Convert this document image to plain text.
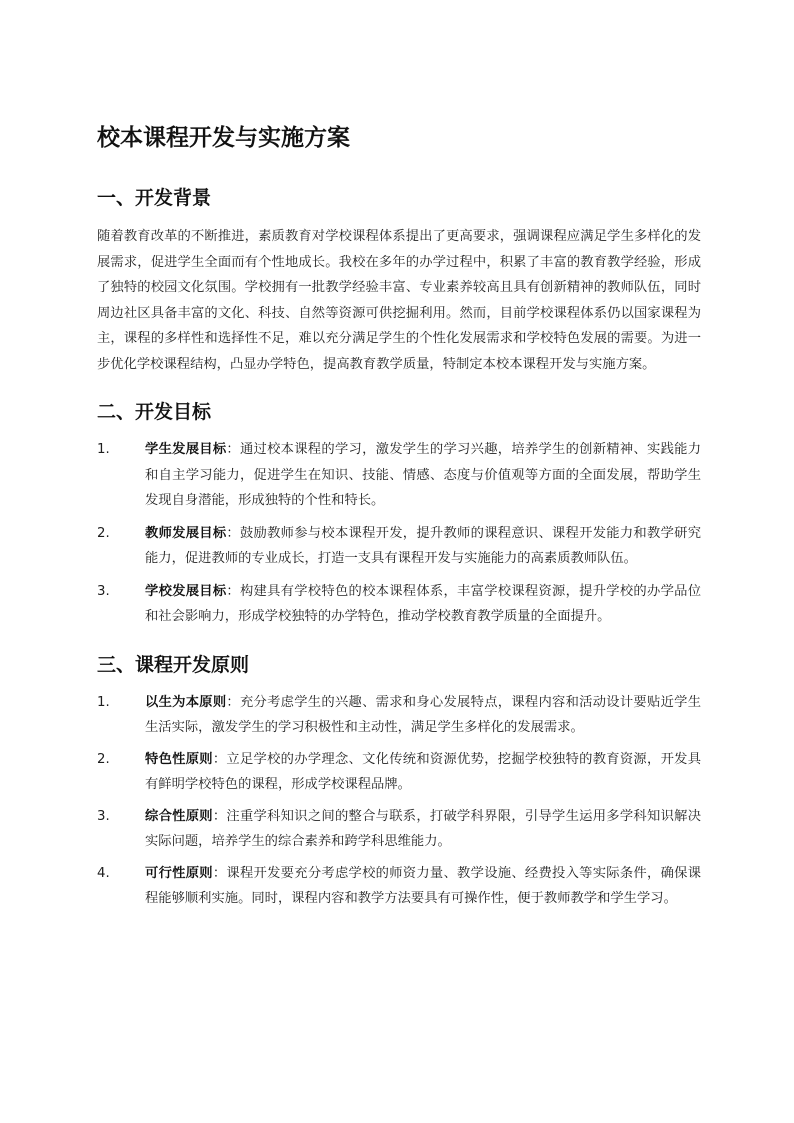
校本课程开发与实施方案
一、开发背景

随着教育改革的不断推进，素质教育对学校课程体系提出了更高要求，强调课程应满足学生多样化的发展需求，促进学生全面而有个性地成长。我校在多年的办学过程中，积累了丰富的教育教学经验，形成了独特的校园文化氛围。学校拥有一批教学经验丰富、专业素养较高且具有创新精神的教师队伍，同时周边社区具备丰富的文化、科技、自然等资源可供挖掘利用。然而，目前学校课程体系仍以国家课程为主，课程的多样性和选择性不足，难以充分满足学生的个性化发展需求和学校特色发展的需要。为进一步优化学校课程结构，凸显办学特色，提高教育教学质量，特制定本校本课程开发与实施方案。

二、开发目标
1.	学生发展目标：通过校本课程的学习，激发学生的学习兴趣，培养学生的创新精神、实践能力和自主学习能力，促进学生在知识、技能、情感、态度与价值观等方面的全面发展，帮助学生发现自身潜能，形成独特的个性和特长。
2.	教师发展目标：鼓励教师参与校本课程开发，提升教师的课程意识、课程开发能力和教学研究能力，促进教师的专业成长，打造一支具有课程开发与实施能力的高素质教师队伍。
3.	学校发展目标：构建具有学校特色的校本课程体系，丰富学校课程资源，提升学校的办学品位和社会影响力，形成学校独特的办学特色，推动学校教育教学质量的全面提升。
三、课程开发原则
1.	以生为本原则：充分考虑学生的兴趣、需求和身心发展特点，课程内容和活动设计要贴近学生生活实际，激发学生的学习积极性和主动性，满足学生多样化的发展需求。
2.	特色性原则：立足学校的办学理念、文化传统和资源优势，挖掘学校独特的教育资源，开发具有鲜明学校特色的课程，形成学校课程品牌。
3.	综合性原则：注重学科知识之间的整合与联系，打破学科界限，引导学生运用多学科知识解决实际问题，培养学生的综合素养和跨学科思维能力。
4.	可行性原则：课程开发要充分考虑学校的师资力量、教学设施、经费投入等实际条件，确保课程能够顺利实施。同时，课程内容和教学方法要具有可操作性，便于教师教学和学生学习。
